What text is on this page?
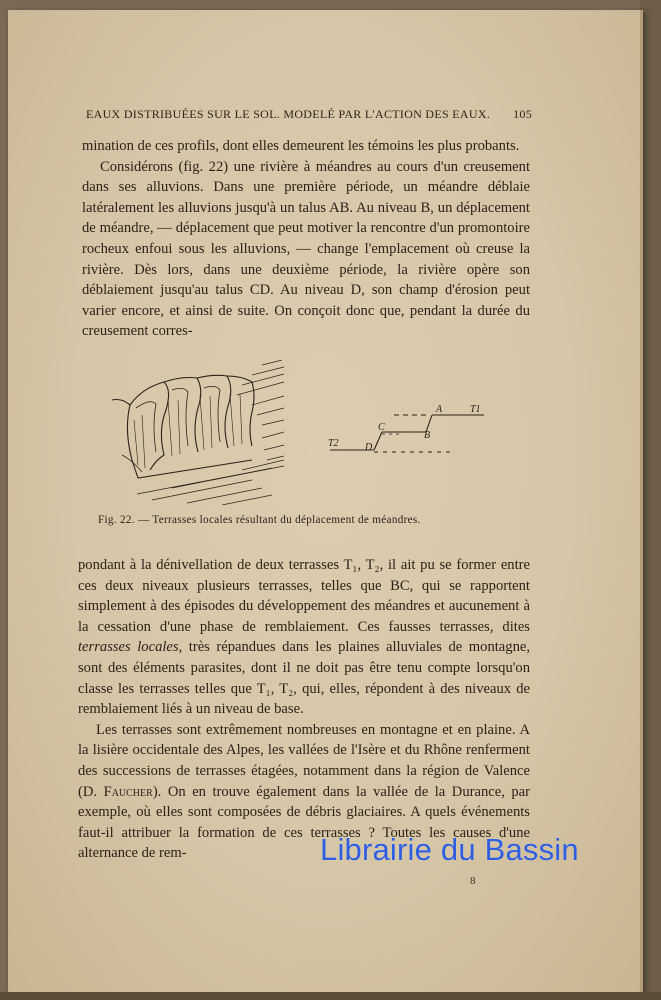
EAUX DISTRIBUÉES SUR LE SOL. MODELÉ PAR L'ACTION DES EAUX. 105

mination de ces profils, dont elles demeurent les témoins les plus probants.

Considérons (fig. 22) une rivière à méandres au cours d'un creusement dans ses alluvions. Dans une première période, un méandre déblaie latéralement les alluvions jusqu'à un talus AB. Au niveau B, un déplacement de méandre, — déplacement que peut motiver la rencontre d'un promontoire rocheux enfoui sous les alluvions, — change l'emplacement où creuse la rivière. Dès lors, dans une deuxième période, la rivière opère son déblaiement jusqu'au talus CD. Au niveau D, son champ d'érosion peut varier encore, et ainsi de suite. On conçoit donc que, pendant la durée du creusement corres-

A
B
C
D
T1
T2
Fig. 22. — Terrasses locales résultant du déplacement de méandres.

pondant à la dénivellation de deux terrasses T₁, T₂, il ait pu se former entre ces deux niveaux plusieurs terrasses, telles que BC, qui se rapportent simplement à des épisodes du développement des méandres et aucunement à la cessation d'une phase de remblaiement. Ces fausses terrasses, dites terrasses locales, très répandues dans les plaines alluviales de montagne, sont des éléments parasites, dont il ne doit pas être tenu compte lorsqu'on classe les terrasses telles que T₁, T₂, qui, elles, répondent à des niveaux de remblaiement liés à un niveau de base.

Les terrasses sont extrêmement nombreuses en montagne et en plaine. A la lisière occidentale des Alpes, les vallées de l'Isère et du Rhône renferment des successions de terrasses étagées, notamment dans la région de Valence (D. Faucher). On en trouve également dans la vallée de la Durance, par exemple, où elles sont composées de débris glaciaires. A quels événements faut-il attribuer la formation de ces terrasses ? Toutes les causes d'une alternance de rem-

8
Librairie du Bassin
